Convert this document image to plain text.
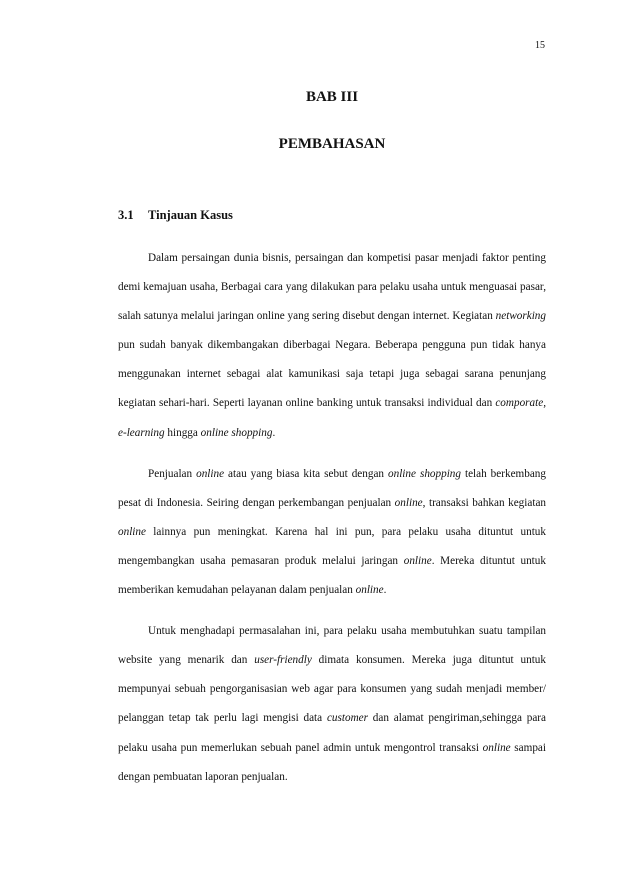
15
BAB III
PEMBAHASAN
3.1 Tinjauan Kasus

Dalam persaingan dunia bisnis, persaingan dan kompetisi pasar menjadi faktor penting demi kemajuan usaha, Berbagai cara yang dilakukan para pelaku usaha untuk menguasai pasar, salah satunya melalui jaringan online yang sering disebut dengan internet. Kegiatan networking pun sudah banyak dikembangakan diberbagai Negara. Beberapa pengguna pun tidak hanya menggunakan internet sebagai alat kamunikasi saja tetapi juga sebagai sarana penunjang kegiatan sehari-hari. Seperti layanan online banking untuk transaksi individual dan comporate, e-learning hingga online shopping.

Penjualan online atau yang biasa kita sebut dengan online shopping telah berkembang pesat di Indonesia. Seiring dengan perkembangan penjualan online, transaksi bahkan kegiatan online lainnya pun meningkat. Karena hal ini pun, para pelaku usaha dituntut untuk mengembangkan usaha pemasaran produk melalui jaringan online. Mereka dituntut untuk memberikan kemudahan pelayanan dalam penjualan online.

Untuk menghadapi permasalahan ini, para pelaku usaha membutuhkan suatu tampilan website yang menarik dan user-friendly dimata konsumen. Mereka juga dituntut untuk mempunyai sebuah pengorganisasian web agar para konsumen yang sudah menjadi member/ pelanggan tetap tak perlu lagi mengisi data customer dan alamat pengiriman,sehingga para pelaku usaha pun memerlukan sebuah panel admin untuk mengontrol transaksi online sampai dengan pembuatan laporan penjualan.
